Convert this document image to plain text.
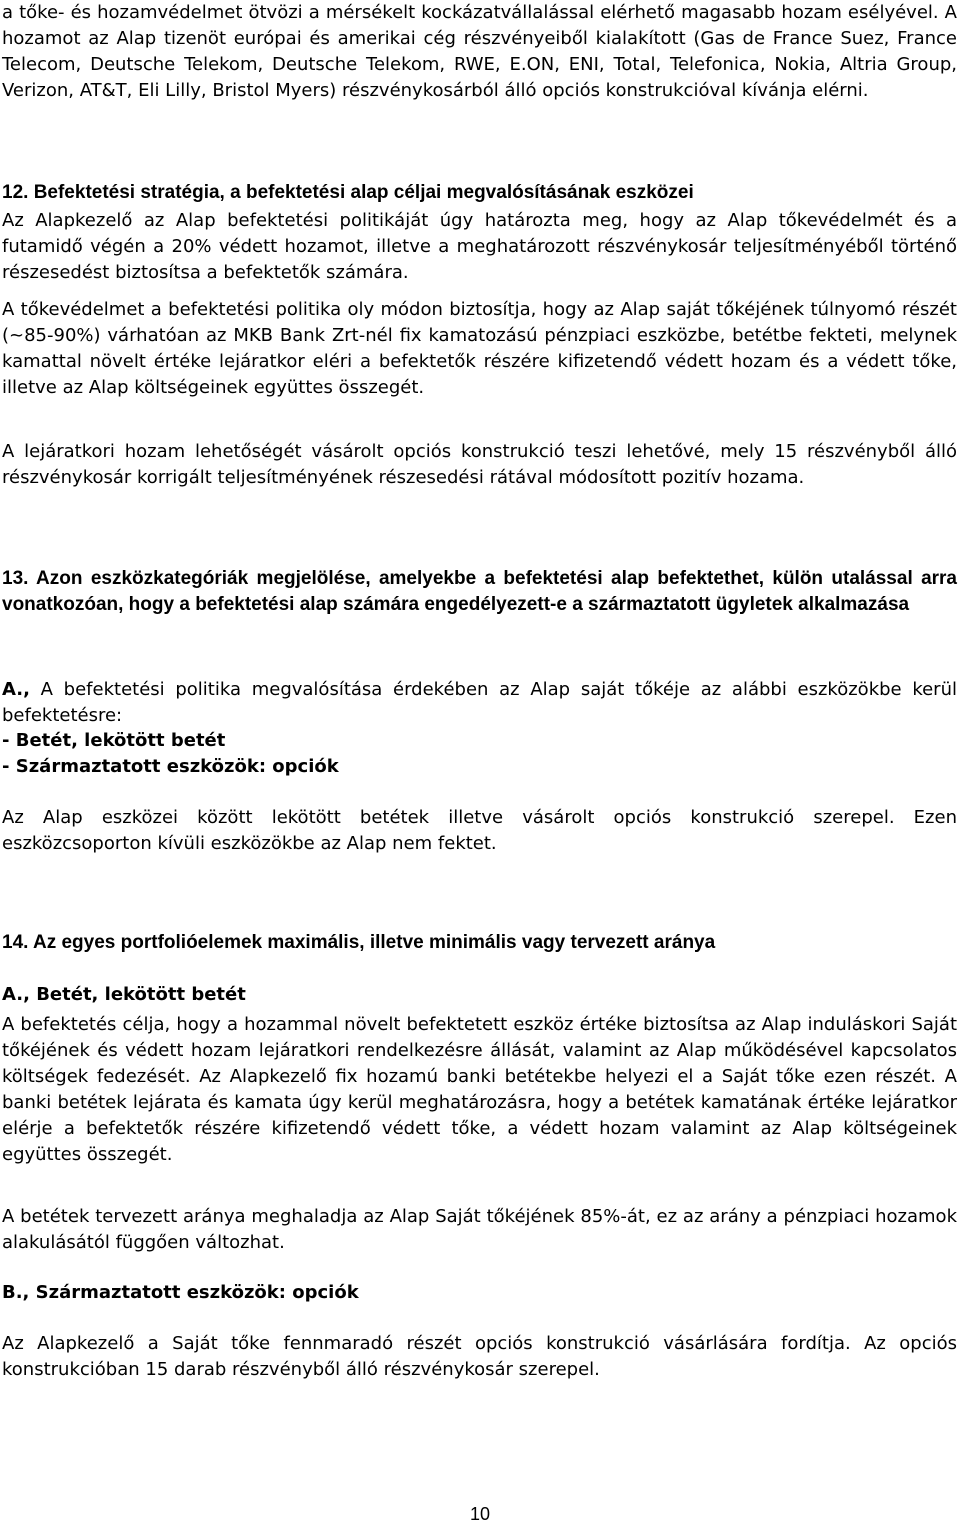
a tőke- és hozamvédelmet ötvözi a mérsékelt kockázatvállalással elérhető magasabb hozam esélyével. A hozamot az Alap tizenöt európai és amerikai cég részvényeiből kialakított (Gas de France Suez, France Telecom, Deutsche Telekom, Deutsche Telekom, RWE, E.ON, ENI, Total, Telefonica, Nokia, Altria Group, Verizon, AT&T, Eli Lilly, Bristol Myers) részvénykosárból álló opciós konstrukcióval kívánja elérni.

12. Befektetési stratégia, a befektetési alap céljai megvalósításának eszközei

Az Alapkezelő az Alap befektetési politikáját úgy határozta meg, hogy az Alap tőkevédelmét és a futamidő végén a 20% védett hozamot, illetve a meghatározott részvénykosár teljesítményéből történő részesedést biztosítsa a befektetők számára.

A tőkevédelmet a befektetési politika oly módon biztosítja, hogy az Alap saját tőkéjének túlnyomó részét (~85-90%) várhatóan az MKB Bank Zrt-nél fix kamatozású pénzpiaci eszközbe, betétbe fekteti, melynek kamattal növelt értéke lejáratkor eléri a befektetők részére kifizetendő védett hozam és a védett tőke, illetve az Alap költségeinek együttes összegét.

A lejáratkori hozam lehetőségét vásárolt opciós konstrukció teszi lehetővé, mely 15 részvényből álló részvénykosár korrigált teljesítményének részesedési rátával módosított pozitív hozama.

13. Azon eszközkategóriák megjelölése, amelyekbe a befektetési alap befektethet, külön utalással arra vonatkozóan, hogy a befektetési alap számára engedélyezett-e a származtatott ügyletek alkalmazása

A., A befektetési politika megvalósítása érdekében az Alap saját tőkéje az alábbi eszközökbe kerül befektetésre:

- Betét, lekötött betét

- Származtatott eszközök: opciók

Az Alap eszközei között lekötött betétek illetve vásárolt opciós konstrukció szerepel. Ezen eszközcsoporton kívüli eszközökbe az Alap nem fektet.

14. Az egyes portfolióelemek maximális, illetve minimális vagy tervezett aránya

A., Betét, lekötött betét

A befektetés célja, hogy a hozammal növelt befektetett eszköz értéke biztosítsa az Alap induláskori Saját tőkéjének és védett hozam lejáratkori rendelkezésre állását, valamint az Alap működésével kapcsolatos költségek fedezését. Az Alapkezelő fix hozamú banki betétekbe helyezi el a Saját tőke ezen részét. A banki betétek lejárata és kamata úgy kerül meghatározásra, hogy a betétek kamatának értéke lejáratkor elérje a befektetők részére kifizetendő védett tőke, a védett hozam valamint az Alap költségeinek együttes összegét.

A betétek tervezett aránya meghaladja az Alap Saját tőkéjének 85%-át, ez az arány a pénzpiaci hozamok alakulásától függően változhat.

B., Származtatott eszközök: opciók

Az Alapkezelő a Saját tőke fennmaradó részét opciós konstrukció vásárlására fordítja. Az opciós konstrukcióban 15 darab részvényből álló részvénykosár szerepel.

10
